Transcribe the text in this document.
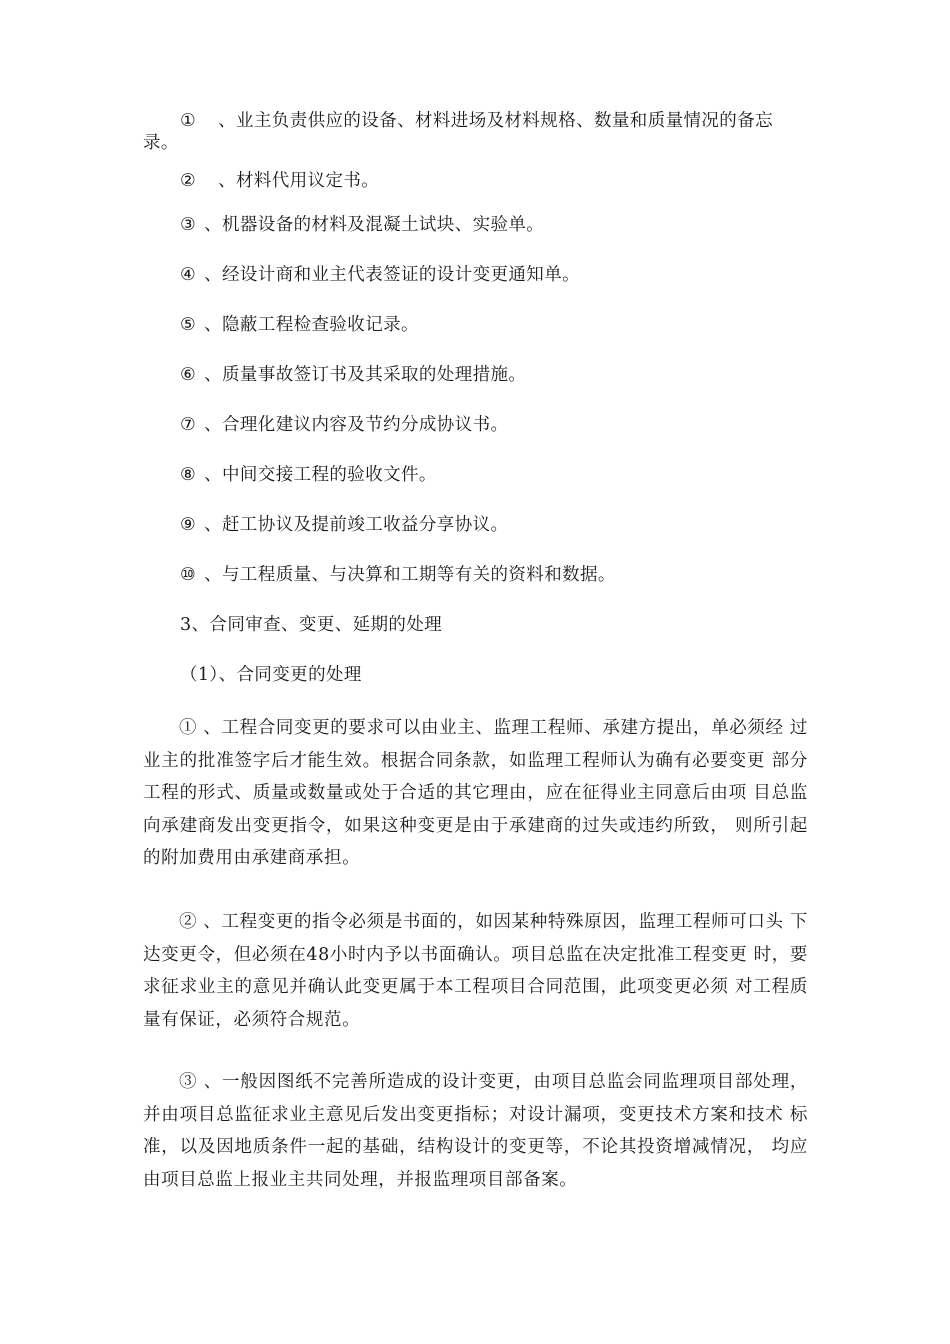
① 、业主负责供应的设备、材料进场及材料规格、数量和质量情况的备忘
录。
② 、材料代用议定书。
③ 、机器设备的材料及混凝土试块、实验单。
④ 、经设计商和业主代表签证的设计变更通知单。
⑤ 、隐蔽工程检查验收记录。
⑥ 、质量事故签订书及其采取的处理措施。
⑦ 、合理化建议内容及节约分成协议书。
⑧ 、中间交接工程的验收文件。
⑨ 、赶工协议及提前竣工收益分享协议。
⑩ 、与工程质量、与决算和工期等有关的资料和数据。
3、合同审查、变更、延期的处理
（1）、合同变更的处理
① 、工程合同变更的要求可以由业主、监理工程师、承建方提出，单必须经 过业主的批准签字后才能生效。根据合同条款，如监理工程师认为确有必要变更 部分工程的形式、质量或数量或处于合适的其它理由，应在征得业主同意后由项 目总监向承建商发出变更指令，如果这种变更是由于承建商的过失或违约所致， 则所引起的附加费用由承建商承担。
② 、工程变更的指令必须是书面的，如因某种特殊原因，监理工程师可口头 下达变更令，但必须在48小时内予以书面确认。项目总监在决定批准工程变更 时，要求征求业主的意见并确认此变更属于本工程项目合同范围，此项变更必须 对工程质量有保证，必须符合规范。
③ 、一般因图纸不完善所造成的设计变更，由项目总监会同监理项目部处理， 并由项目总监征求业主意见后发出变更指标；对设计漏项，变更技术方案和技术 标准，以及因地质条件一起的基础，结构设计的变更等，不论其投资增减情况， 均应由项目总监上报业主共同处理，并报监理项目部备案。
